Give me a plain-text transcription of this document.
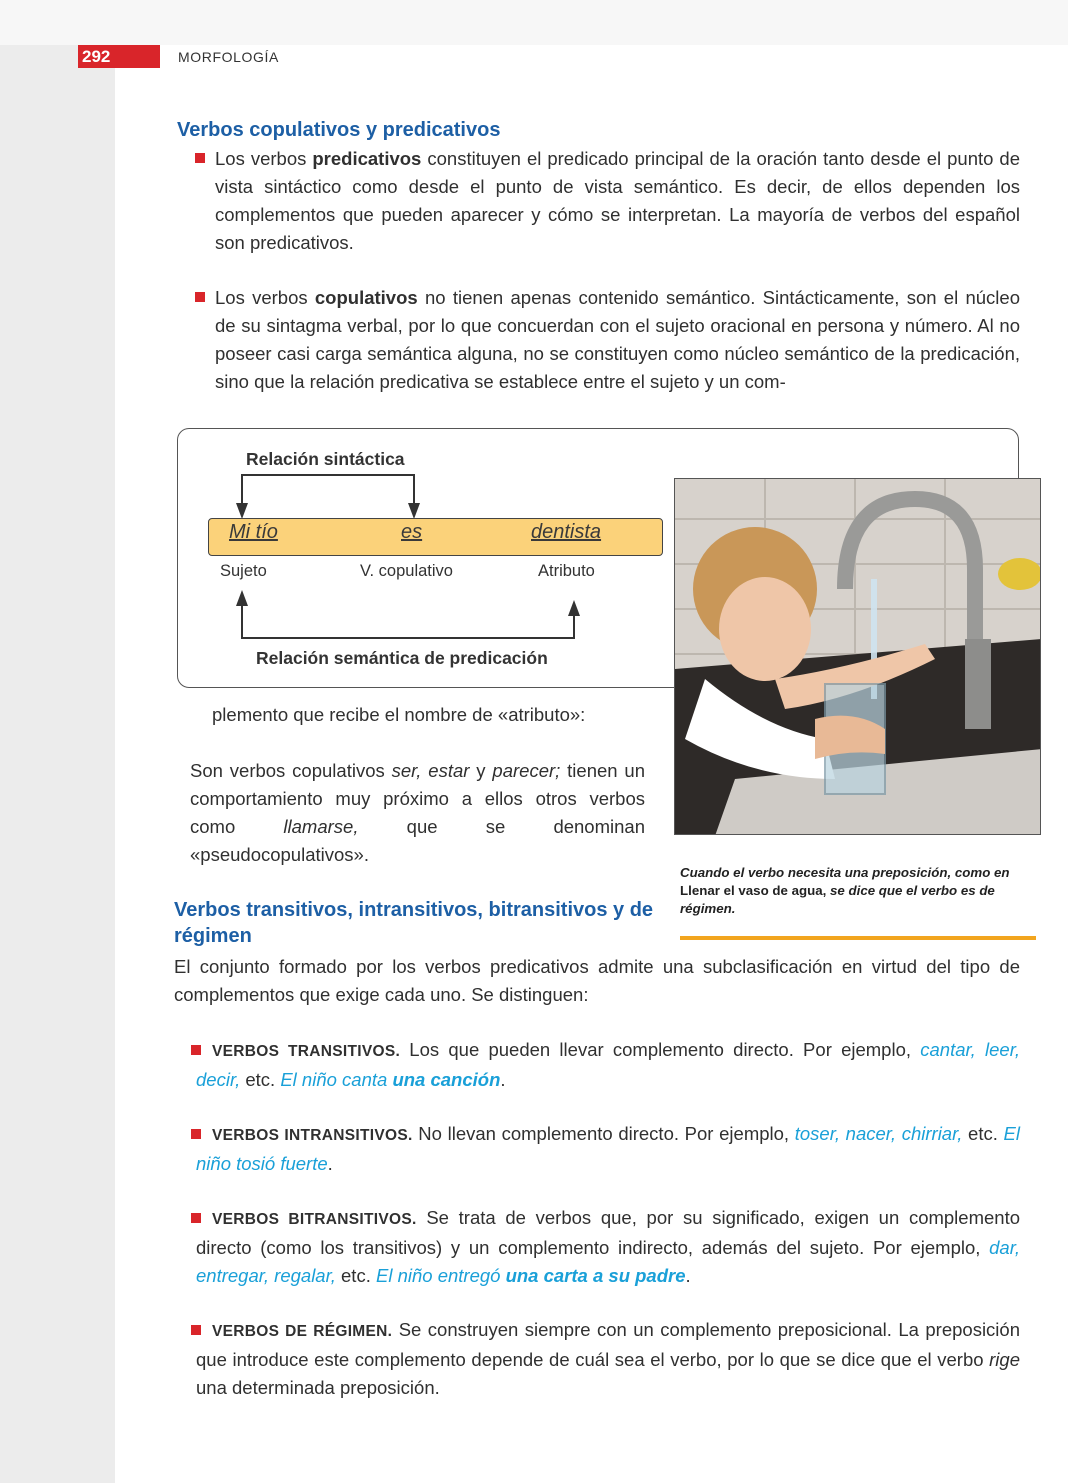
292	MORFOLOGÍA
Verbos copulativos y predicativos

Los verbos predicativos constituyen el predicado principal de la oración tanto desde el punto de vista sintáctico como desde el punto de vista semántico. Es decir, de ellos dependen los complementos que pueden aparecer y cómo se interpretan. La mayoría de verbos del español son predicativos.

Los verbos copulativos no tienen apenas contenido semántico. Sintácticamente, son el núcleo de su sintagma verbal, por lo que concuerdan con el sujeto oracional en persona y número. Al no poseer casi carga semántica alguna, no se constituyen como núcleo semántico de la predicación, sino que la relación predicativa se establece entre el sujeto y un com-

Relación sintáctica
Mi tío	es	dentista
Sujeto	V. copulativo	Atributo
Relación semántica de predicación

Cuando el verbo necesita una preposición, como en Llenar el vaso de agua, se dice que el verbo es de régimen.

plemento que recibe el nombre de «atributo»:

Son verbos copulativos ser, estar y parecer; tienen un comportamiento muy próximo a ellos otros verbos como llamarse, que se denominan «pseudocopulativos».

Verbos transitivos, intransitivos, bitransitivos y de régimen

El conjunto formado por los verbos predicativos admite una subclasificación en virtud del tipo de complementos que exige cada uno. Se distinguen:

VERBOS TRANSITIVOS. Los que pueden llevar complemento directo. Por ejemplo, cantar, leer, decir, etc. El niño canta una canción.

VERBOS INTRANSITIVOS. No llevan complemento directo. Por ejemplo, toser, nacer, chirriar, etc. El niño tosió fuerte.

VERBOS BITRANSITIVOS. Se trata de verbos que, por su significado, exigen un complemento directo (como los transitivos) y un complemento indirecto, además del sujeto. Por ejemplo, dar, entregar, regalar, etc. El niño entregó una carta a su padre.

VERBOS DE RÉGIMEN. Se construyen siempre con un complemento preposicional. La preposición que introduce este complemento depende de cuál sea el verbo, por lo que se dice que el verbo rige una determinada preposición.
